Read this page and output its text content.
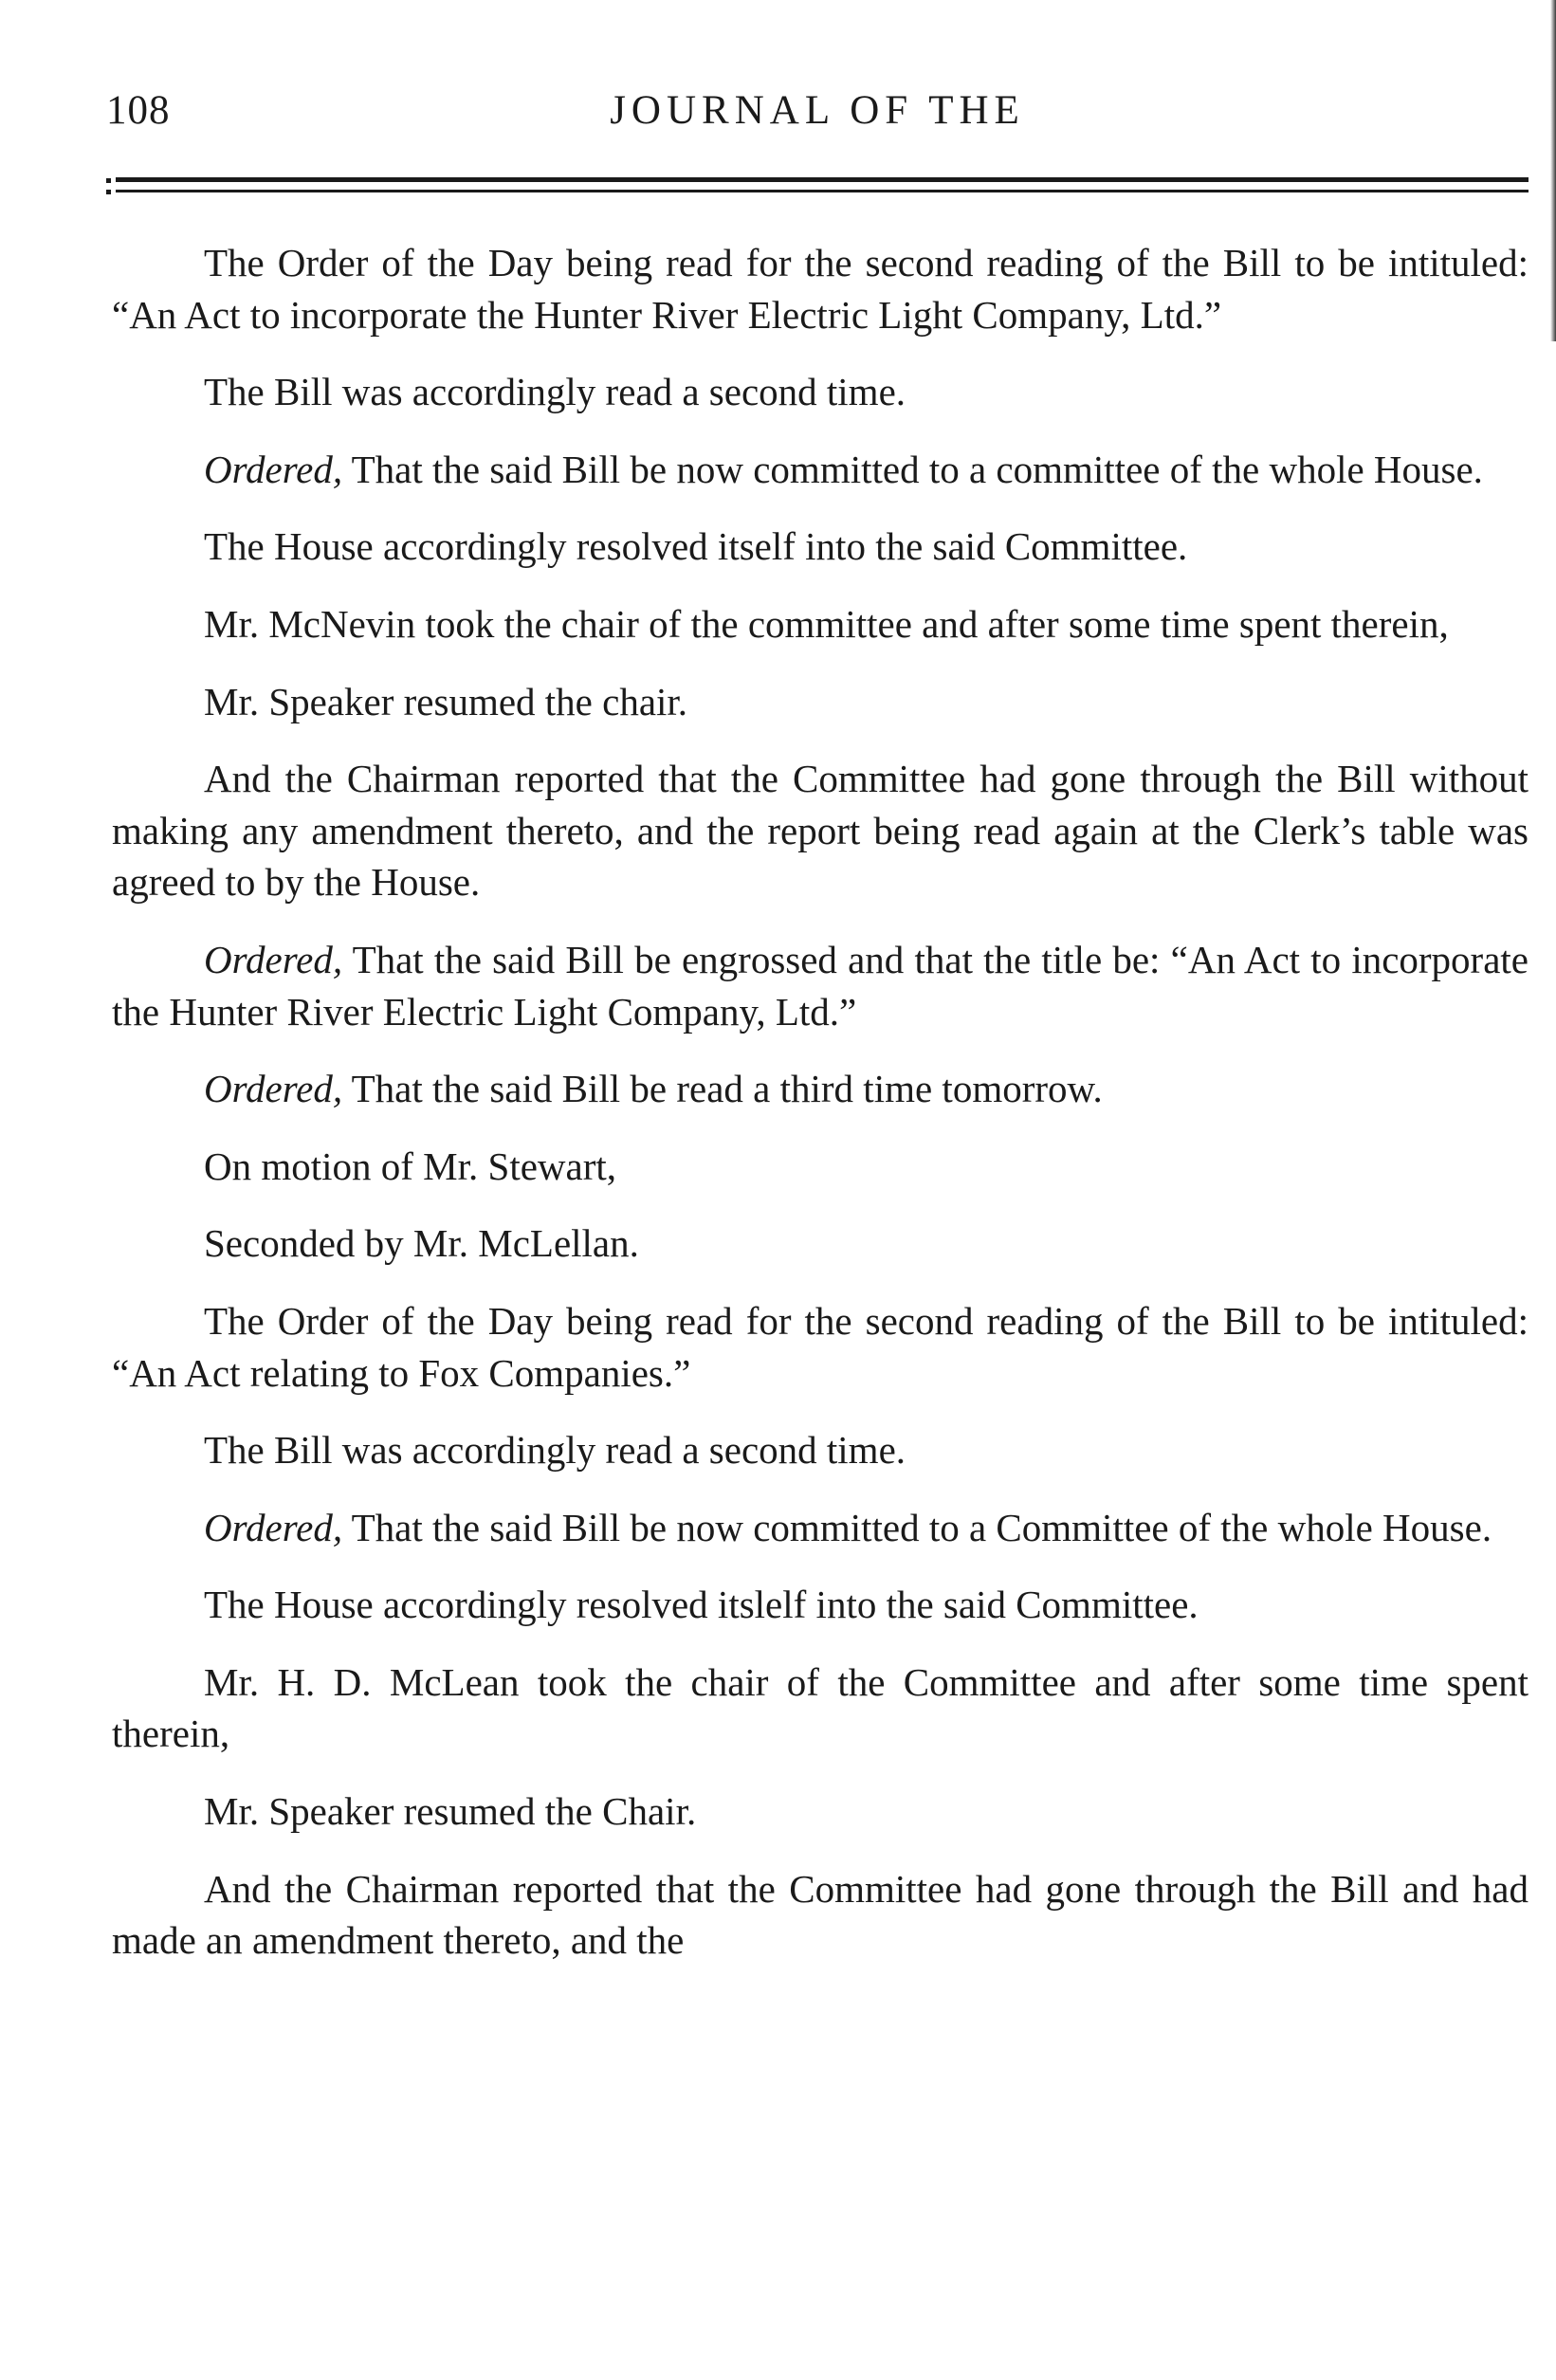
108	JOURNAL OF THE

The Order of the Day being read for the second reading of the Bill to be intituled: “An Act to incorporate the Hunter River Electric Light Company, Ltd.”

The Bill was accordingly read a second time.

Ordered, That the said Bill be now committed to a committee of the whole House.

The House accordingly resolved itself into the said Committee.

Mr. McNevin took the chair of the committee and after some time spent therein,

Mr. Speaker resumed the chair.

And the Chairman reported that the Committee had gone through the Bill without making any amendment thereto, and the report being read again at the Clerk’s table was agreed to by the House.

Ordered, That the said Bill be engrossed and that the title be: “An Act to incorporate the Hunter River Electric Light Company, Ltd.”

Ordered, That the said Bill be read a third time tomorrow.

On motion of Mr. Stewart,

Seconded by Mr. McLellan.

The Order of the Day being read for the second reading of the Bill to be intituled: “An Act relating to Fox Companies.”

The Bill was accordingly read a second time.

Ordered, That the said Bill be now committed to a Committee of the whole House.

The House accordingly resolved itslelf into the said Committee.

Mr. H. D. McLean took the chair of the Committee and after some time spent therein,

Mr. Speaker resumed the Chair.

And the Chairman reported that the Committee had gone through the Bill and had made an amendment thereto, and the
